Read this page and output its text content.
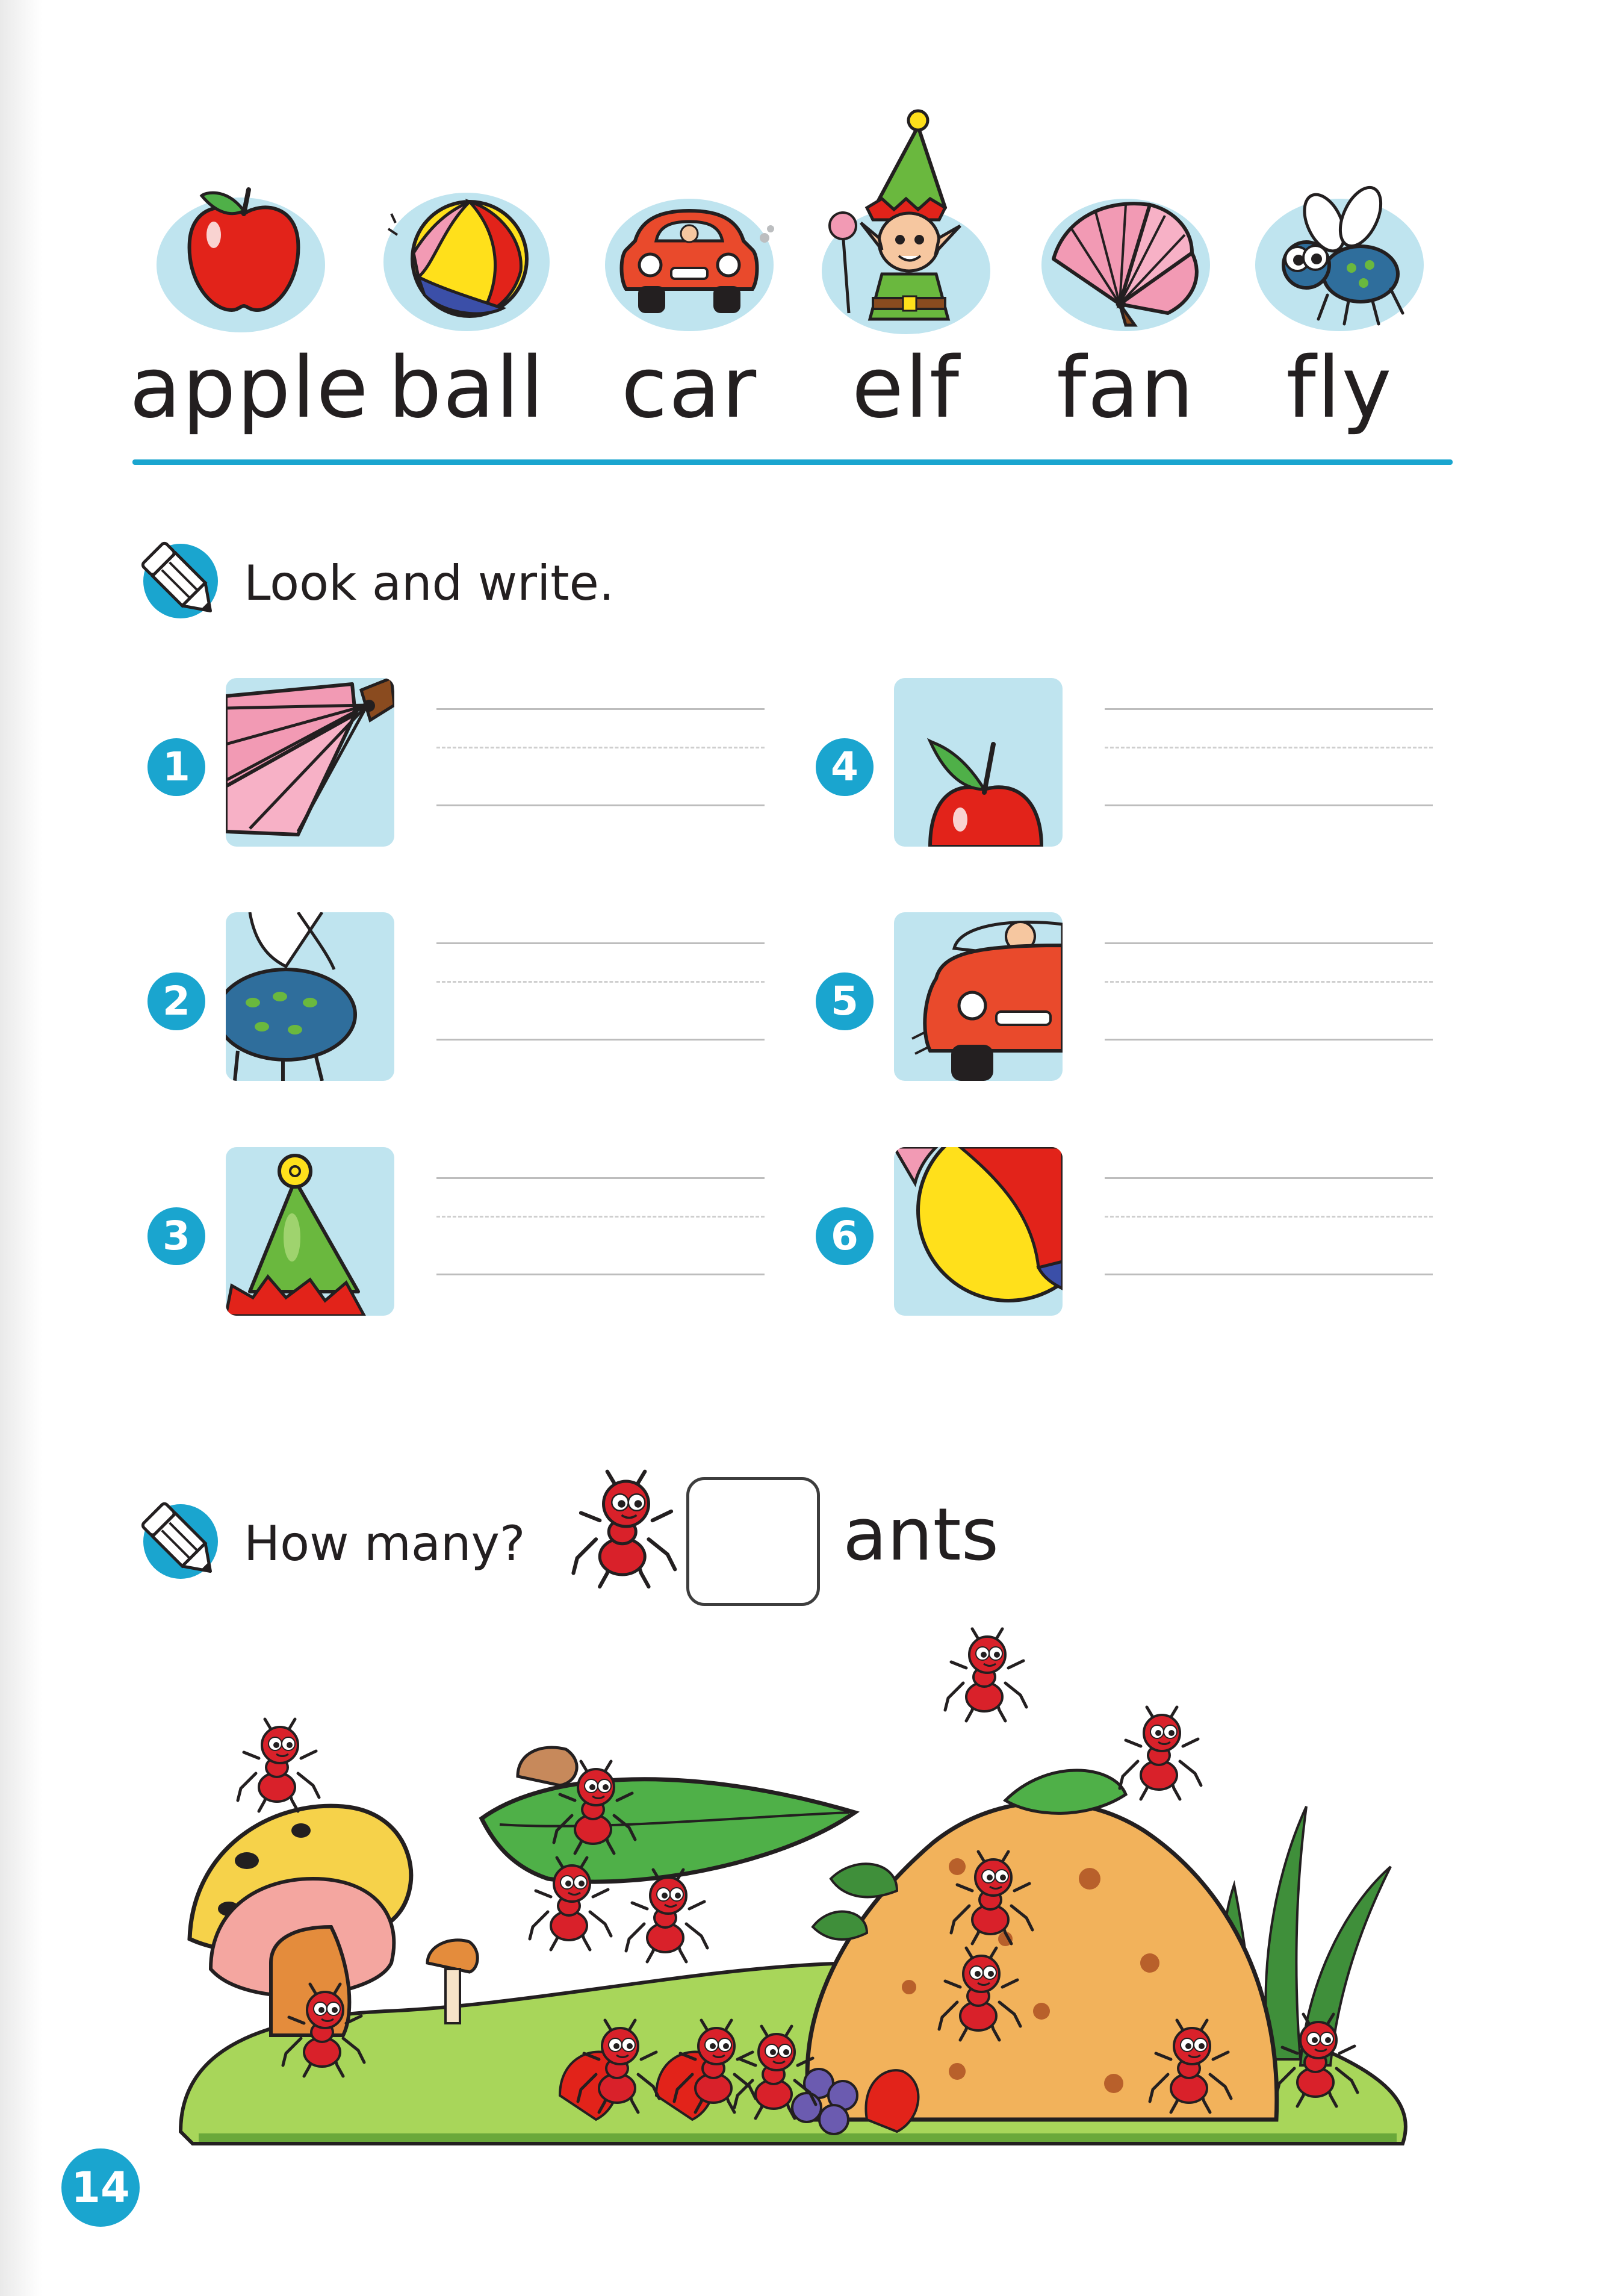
apple ball car	elf	fan	fly
Look and write.
1
2
3
4
5
6
How many?	ants
14
